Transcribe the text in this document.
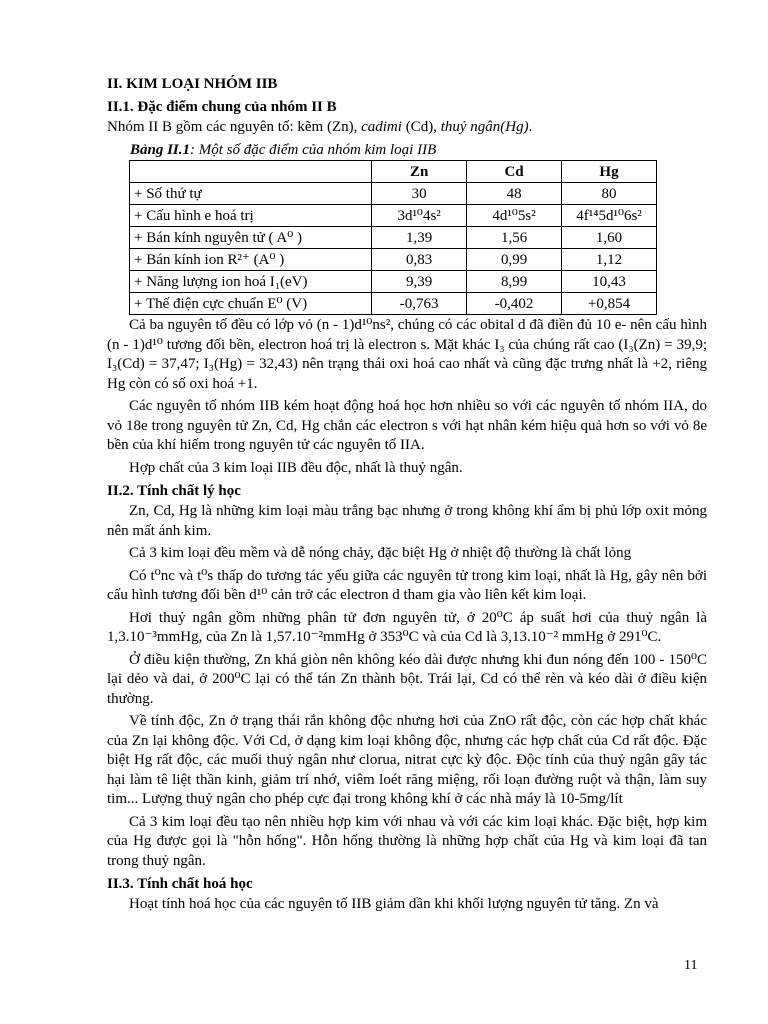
II. KIM LOẠI NHÓM IIB
II.1. Đặc điểm chung của nhóm II B

Nhóm II B gồm các nguyên tố: kẽm (Zn), cadimi (Cd), thuỷ ngân(Hg).

Bảng II.1: Một số đặc điểm của nhóm kim loại IIB

	Zn	Cd	Hg
+ Số thứ tự	30	48	80
+ Cấu hình e hoá trị	3d¹⁰4s²	4d¹⁰5s²	4f¹⁴5d¹⁰6s²
+ Bán kính nguyên tử ( A⁰ )	1,39	1,56	1,60
+ Bán kính ion R²⁺ (A⁰ )	0,83	0,99	1,12
+ Năng lượng ion hoá I₁(eV)	9,39	8,99	10,43
+ Thế điện cực chuẩn E⁰ (V)	-0,763	-0,402	+0,854

Cả ba nguyên tố đều có lớp vỏ (n - 1)d¹⁰ns², chúng có các obital d đã điền đủ 10 e- nên cấu hình (n - 1)d¹⁰ tương đối bền, electron hoá trị là electron s. Mặt khác I₃ của chúng rất cao (I₃(Zn) = 39,9; I₃(Cd) = 37,47; I₃(Hg) = 32,43) nên trạng thái oxi hoá cao nhất và cũng đặc trưng nhất là +2, riêng Hg còn có số oxi hoá +1.

Các nguyên tố nhóm IIB kém hoạt động hoá học hơn nhiều so với các nguyên tố nhóm IIA, do vỏ 18e trong nguyên tử Zn, Cd, Hg chắn các electron s với hạt nhân kém hiệu quả hơn so với vỏ 8e bền của khí hiếm trong nguyên tử các nguyên tố IIA.

Hợp chất của 3 kim loại IIB đều độc, nhất là thuỷ ngân.

II.2. Tính chất lý học

Zn, Cd, Hg là những kim loại màu trắng bạc nhưng ở trong không khí ẩm bị phủ lớp oxit mỏng nên mất ánh kim.

Cả 3 kim loại đều mềm và dễ nóng chảy, đặc biệt Hg ở nhiệt độ thường là chất lỏng

Có t⁰nc và t⁰s thấp do tương tác yếu giữa các nguyên tử trong kim loại, nhất là Hg, gây nên bởi cấu hình tương đối bền d¹⁰ cản trở các electron d tham gia vào liên kết kim loại.

Hơi thuỷ ngân gồm những phân tử đơn nguyên tử, ở 20⁰C áp suất hơi của thuỷ ngân là 1,3.10⁻³mmHg, của Zn là 1,57.10⁻²mmHg ở 353⁰C và của Cd là 3,13.10⁻² mmHg ở 291⁰C.

Ở điều kiện thường, Zn khá giòn nên không kéo dài được nhưng khi đun nóng đến 100 - 150⁰C lại dẻo và dai, ở 200⁰C lại có thể tán Zn thành bột. Trái lại, Cd có thể rèn và kéo dài ở điều kiện thường.

Về tính độc, Zn ở trạng thái rắn không độc nhưng hơi của ZnO rất độc, còn các hợp chất khác của Zn lại không độc. Với Cd, ở dạng kim loại không độc, nhưng các hợp chất của Cd rất độc. Đặc biệt Hg rất độc, các muối thuỷ ngân như clorua, nitrat cực kỳ độc. Độc tính của thuỷ ngân gây tác hại làm tê liệt thần kinh, giảm trí nhớ, viêm loét răng miệng, rối loạn đường ruột và thận, làm suy tim... Lượng thuỷ ngân cho phép cực đại trong không khí ở các nhà máy là 10-5mg/lít

Cả 3 kim loại đều tạo nên nhiều hợp kim với nhau và với các kim loại khác. Đặc biệt, hợp kim của Hg được gọi là "hỗn hống". Hỗn hống thường là những hợp chất của Hg và kim loại đã tan trong thuỷ ngân.

II.3. Tính chất hoá học

Hoạt tính hoá học của các nguyên tố IIB giảm dần khi khối lượng nguyên tử tăng. Zn và

11
